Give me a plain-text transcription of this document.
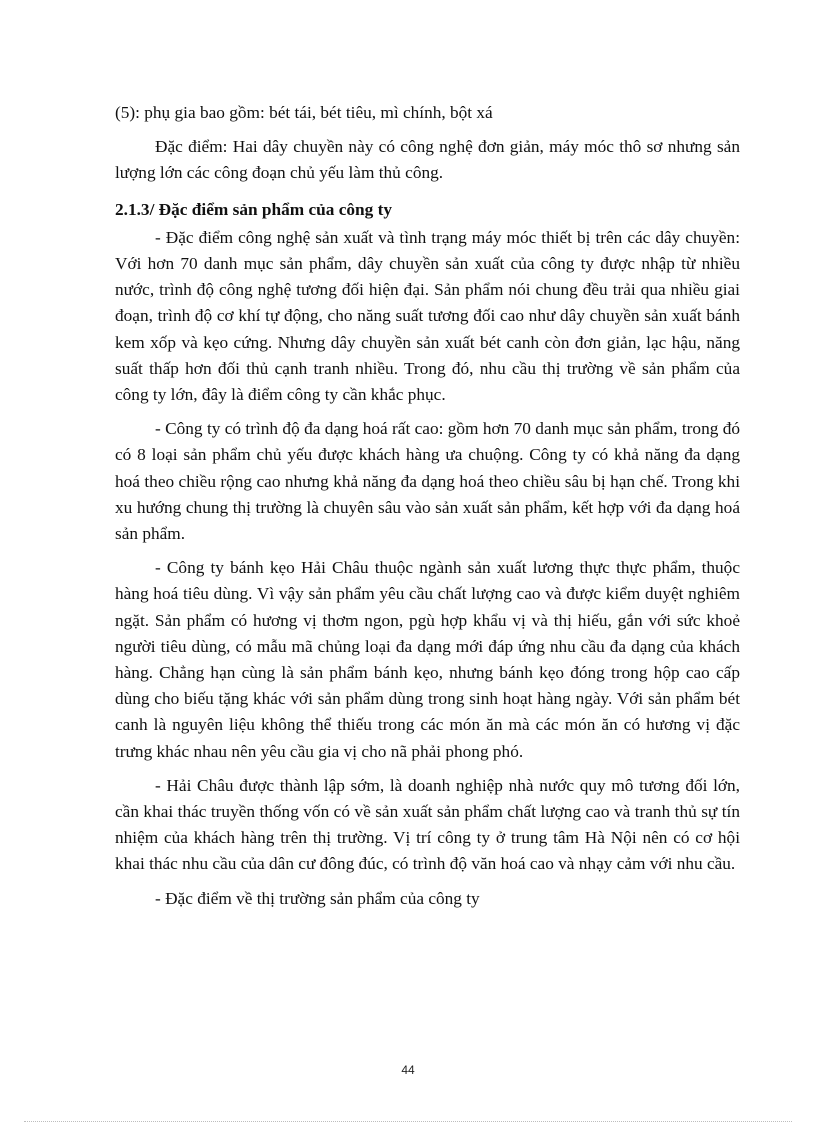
(5): phụ gia bao gồm: bét tái, bét tiêu, mì chính, bột xá

Đặc điểm: Hai dây chuyền này có công nghệ đơn giản, máy móc thô sơ nhưng sản lượng lớn các công đoạn chủ yếu làm thủ công.

2.1.3/ Đặc điểm sản phẩm của công ty

- Đặc điểm công nghệ sản xuất và tình trạng máy móc thiết bị trên các dây chuyền: Với hơn 70 danh mục sản phẩm, dây chuyền sản xuất của công ty được nhập từ nhiều nước, trình độ công nghệ tương đối hiện đại. Sản phẩm nói chung đều trải qua nhiều giai đoạn, trình độ cơ khí tự động, cho năng suất tương đối cao như dây chuyền sản xuất bánh kem xốp và kẹo cứng. Nhưng dây chuyền sản xuất bét canh còn đơn giản, lạc hậu, năng suất thấp hơn đối thủ cạnh tranh nhiều. Trong đó, nhu cầu thị trường về sản phẩm của công ty lớn, đây là điểm công ty cần khắc phục.

- Công ty có trình độ đa dạng hoá rất cao: gồm hơn 70 danh mục sản phẩm, trong đó có 8 loại sản phẩm chủ yếu được khách hàng ưa chuộng. Công ty có khả năng đa dạng hoá theo chiều rộng cao nhưng khả năng đa dạng hoá theo chiều sâu bị hạn chế. Trong khi xu hướng chung thị trường là chuyên sâu vào sản xuất sản phẩm, kết hợp với đa dạng hoá sản phẩm.

- Công ty bánh kẹo Hải Châu thuộc ngành sản xuất lương thực thực phẩm, thuộc hàng hoá tiêu dùng. Vì vậy sản phẩm yêu cầu chất lượng cao và được kiểm duyệt nghiêm ngặt. Sản phẩm có hương vị thơm ngon, pgù hợp khẩu vị và thị hiếu, gắn với sức khoẻ người tiêu dùng, có mẫu mã chủng loại đa dạng mới đáp ứng nhu cầu đa dạng của khách hàng. Chẳng hạn cùng là sản phẩm bánh kẹo, nhưng bánh kẹo đóng trong hộp cao cấp dùng cho biếu tặng khác với sản phẩm dùng trong sinh hoạt hàng ngày. Với sản phẩm bét canh là nguyên liệu không thể thiếu trong các món ăn mà các món ăn có hương vị đặc trưng khác nhau nên yêu cầu gia vị cho nã phải phong phó.

- Hải Châu được thành lập sớm, là doanh nghiệp nhà nước quy mô tương đối lớn, cần khai thác truyền thống vốn có về sản xuất sản phẩm chất lượng cao và tranh thủ sự tín nhiệm của khách hàng trên thị trường. Vị trí công ty ở trung tâm Hà Nội nên có cơ hội khai thác nhu cầu của dân cư đông đúc, có trình độ văn hoá cao và nhạy cảm với nhu cầu.

- Đặc điểm về thị trường sản phẩm của công ty

44
